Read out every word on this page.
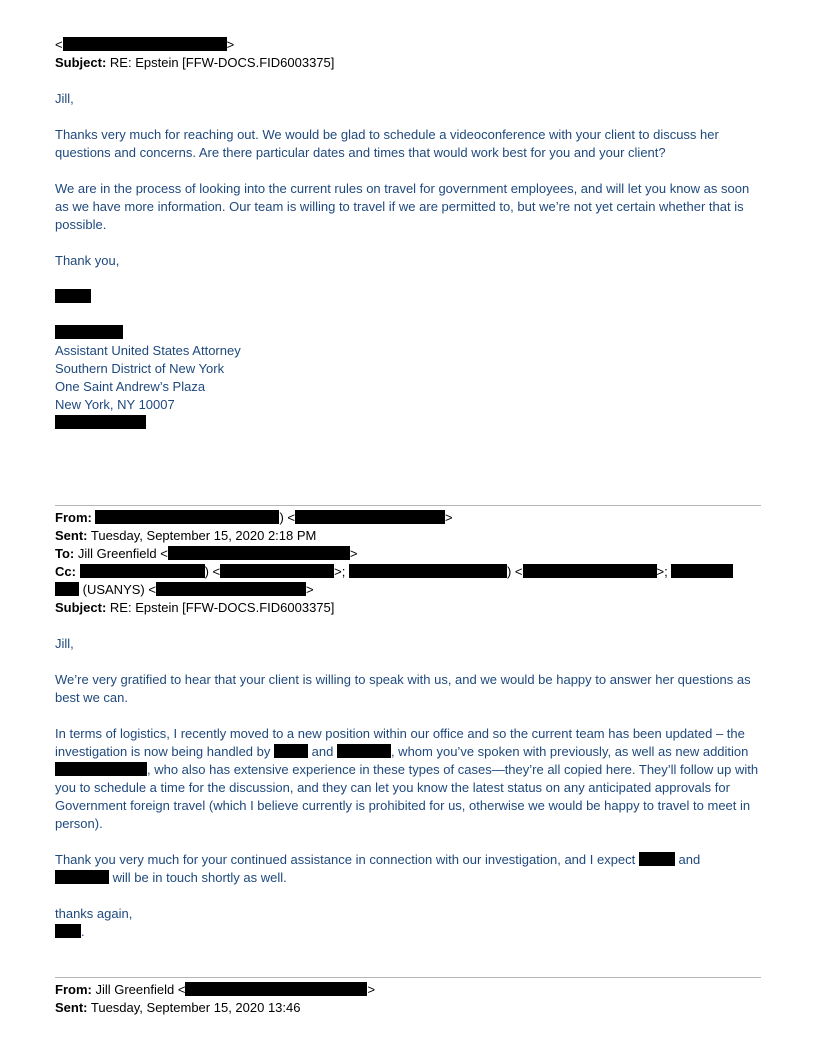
<	>
Subject: RE: Epstein [FFW-DOCS.FID6003375]
Jill,
Thanks very much for reaching out. We would be glad to schedule a videoconference with your client to discuss her questions and concerns. Are there particular dates and times that would work best for you and your client?
We are in the process of looking into the current rules on travel for government employees, and will let you know as soon as we have more information. Our team is willing to travel if we are permitted to, but we’re not yet certain whether that is possible.
Thank you,
Assistant United States Attorney
Southern District of New York
One Saint Andrew’s Plaza
New York, NY 10007
From:	) <	>
Sent: Tuesday, September 15, 2020 2:18 PM
To: Jill Greenfield <	>
Cc:	) <	>;	) <	>;
(USANYS) <	>
Subject: RE: Epstein [FFW-DOCS.FID6003375]
Jill,
We’re very gratified to hear that your client is willing to speak with us, and we would be happy to answer her questions as best we can.
In terms of logistics, I recently moved to a new position within our office and so the current team has been updated – the investigation is now being handled by	and	, whom you’ve spoken with previously, as well as new addition , who also has extensive experience in these types of cases—they’re all copied here. They’ll follow up with you to schedule a time for the discussion, and they can let you know the latest status on any anticipated approvals for Government foreign travel (which I believe currently is prohibited for us, otherwise we would be happy to travel to meet in person).
Thank you very much for your continued assistance in connection with our investigation, and I expect	and
will be in touch shortly as well.
thanks again,
.
From: Jill Greenfield <	>
Sent: Tuesday, September 15, 2020 13:46
